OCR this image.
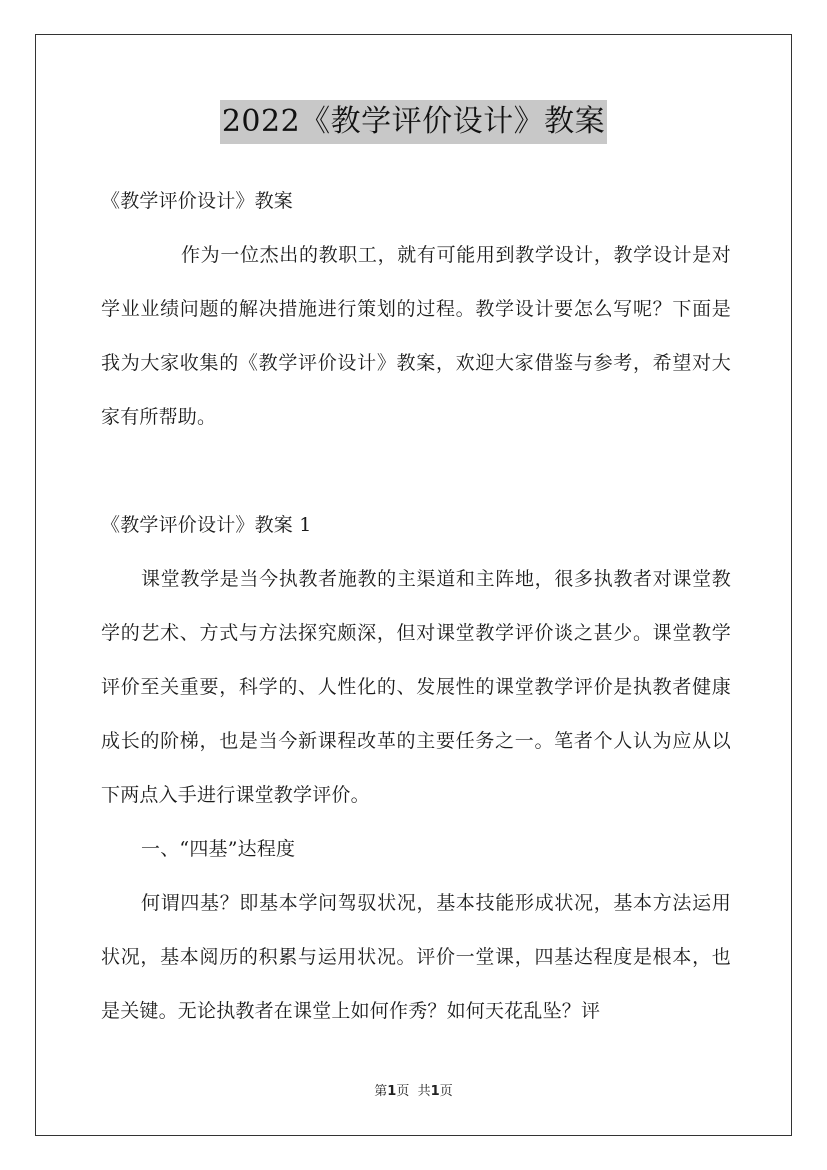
2022《教学评价设计》教案

《教学评价设计》教案

作为一位杰出的教职工，就有可能用到教学设计，教学设计是对学业业绩问题的解决措施进行策划的过程。教学设计要怎么写呢？下面是我为大家收集的《教学评价设计》教案，欢迎大家借鉴与参考，希望对大家有所帮助。

《教学评价设计》教案 1

课堂教学是当今执教者施教的主渠道和主阵地，很多执教者对课堂教学的艺术、方式与方法探究颇深，但对课堂教学评价谈之甚少。课堂教学评价至关重要，科学的、人性化的、发展性的课堂教学评价是执教者健康成长的阶梯，也是当今新课程改革的主要任务之一。笔者个人认为应从以下两点入手进行课堂教学评价。

一、“四基”达程度

何谓四基？即基本学问驾驭状况，基本技能形成状况，基本方法运用状况，基本阅历的积累与运用状况。评价一堂课，四基达程度是根本，也是关键。无论执教者在课堂上如何作秀？如何天花乱坠？评

第1页 共1页
